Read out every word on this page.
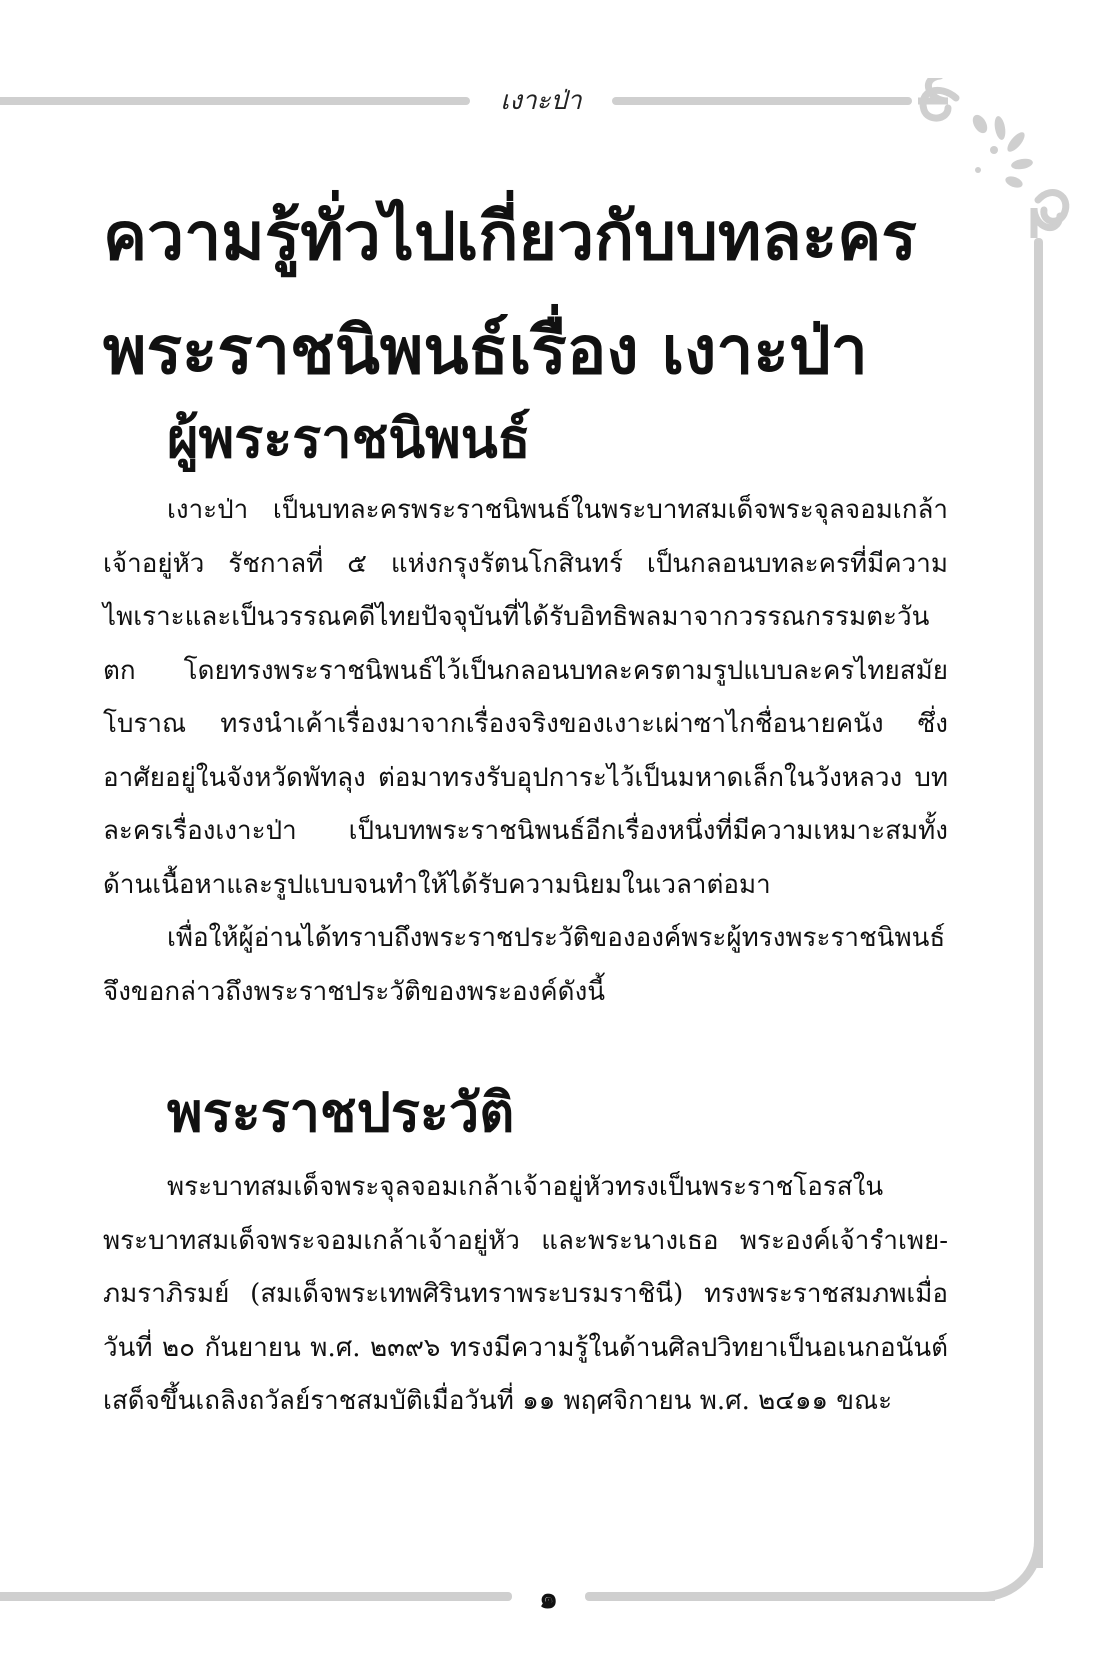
เงาะป่า
ความรู้ทั่วไปเกี่ยวกับบทละคร
พระราชนิพนธ์เรื่อง เงาะป่า
ผู้พระราชนิพนธ์

เงาะป่า เป็นบทละครพระราชนิพนธ์ในพระบาทสมเด็จพระจุลจอมเกล้าเจ้าอยู่หัว รัชกาลที่ ๕ แห่งกรุงรัตนโกสินทร์ เป็นกลอนบทละครที่มีความไพเราะและเป็นวรรณคดีไทยปัจจุบันที่ได้รับอิทธิพลมาจากวรรณกรรมตะวันตก โดยทรงพระราชนิพนธ์ไว้เป็นกลอนบทละครตามรูปแบบละครไทยสมัยโบราณ ทรงนำเค้าเรื่องมาจากเรื่องจริงของเงาะเผ่าซาไกชื่อนายคนัง ซึ่งอาศัยอยู่ในจังหวัดพัทลุง ต่อมาทรงรับอุปการะไว้เป็นมหาดเล็กในวังหลวง บทละครเรื่องเงาะป่า เป็นบทพระราชนิพนธ์อีกเรื่องหนึ่งที่มีความเหมาะสมทั้งด้านเนื้อหาและรูปแบบจนทำให้ได้รับความนิยมในเวลาต่อมา

เพื่อให้ผู้อ่านได้ทราบถึงพระราชประวัติขององค์พระผู้ทรงพระราชนิพนธ์ จึงขอกล่าวถึงพระราชประวัติของพระองค์ดังนี้

พระราชประวัติ

พระบาทสมเด็จพระจุลจอมเกล้าเจ้าอยู่หัวทรงเป็นพระราชโอรสในพระบาทสมเด็จพระจอมเกล้าเจ้าอยู่หัว และพระนางเธอ พระองค์เจ้ารำเพย-ภมราภิรมย์ (สมเด็จพระเทพศิรินทราพระบรมราชินี) ทรงพระราชสมภพเมื่อวันที่ ๒๐ กันยายน พ.ศ. ๒๓๙๖ ทรงมีความรู้ในด้านศิลปวิทยาเป็นอเนกอนันต์ เสด็จขึ้นเถลิงถวัลย์ราชสมบัติเมื่อวันที่ ๑๑ พฤศจิกายน พ.ศ. ๒๔๑๑ ขณะ

๑
